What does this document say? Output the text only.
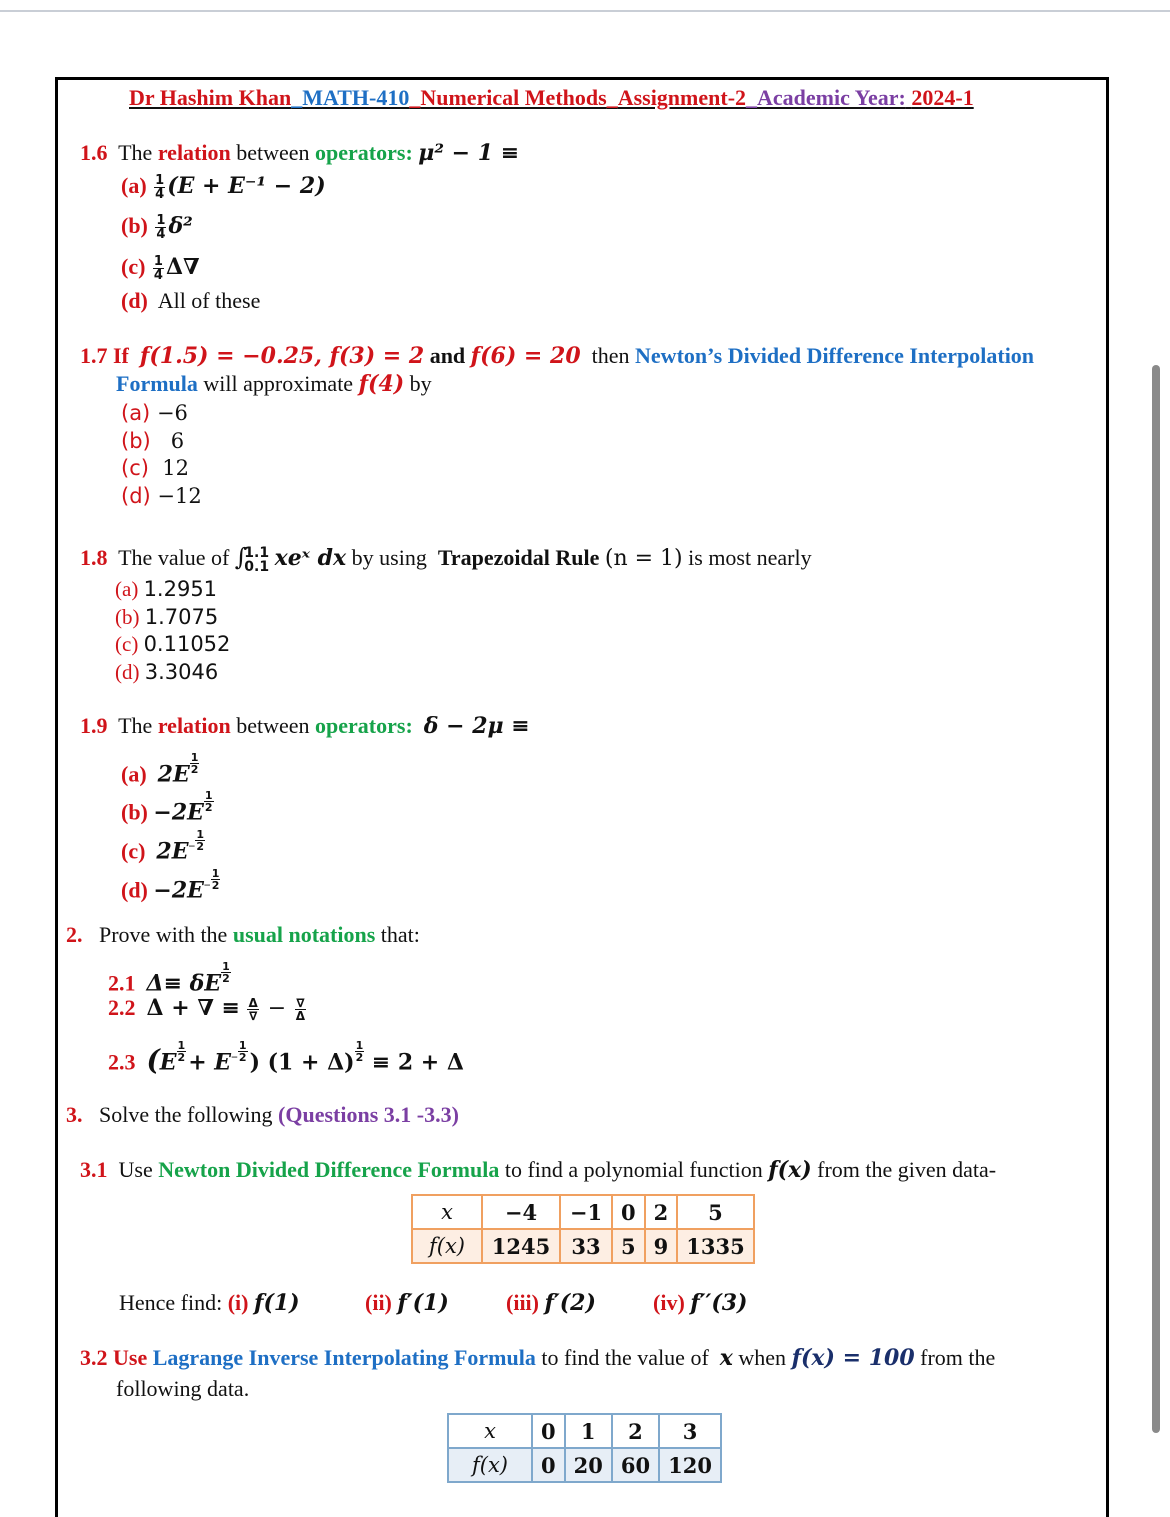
Dr Hashim Khan_MATH-410_Numerical Methods_Assignment-2_Academic Year: 2024-1
1.6 The relation between operators: μ² − 1 ≡
$(a) \frac{1}{4} (E + E^{-1} - 2)$
$(b) \frac{1}{4} \delta^2$
$(c) \frac{1}{4} \Delta\nabla$
(d) All of these
1.7 If f(1.5) = −0.25, f(3) = 2 and f(6) = 20 then Newton’s Divided Difference Interpolation
Formula will approximate f(4) by
(a) −6
(b) 6
(c) 12
(d) −12
1.8 The value of ∫
1.1
0.1 xeˣ dx by using Trapezoidal Rule (n = 1) is most nearly
(a) 1.2951
(b) 1.7075
(c) 0.11052
(d) 3.3046
1.9 The relation between operators: δ − 2μ ≡
(a) $2E \frac{1}{2}$
$(b) -2E \frac{1}{2}$
(c) $2E^- \frac{1}{2}$
$(d) -2E^- \frac{1}{2}$
2. Prove with the usual notations that:
2.1 Δ≡ δE $\frac{1}{2}$
2.2 Δ + ∇ ≡ $\frac{\Delta}{\nabla} - \frac{\nabla}{\Delta}$
2.3 ($E \frac{1}{2} + E^- \frac{1}{2}$ ) $(1 + \Delta) \frac{1}{2} \equiv 2 + \Delta$
3. Solve the following (Questions 3.1 -3.3)
3.1 Use Newton Divided Difference Formula to find a polynomial function f(x) from the given data-
x	−4	−1	0	2	5
f(x)	1245	33	5	9	1335
Hence find: (i) f(1)	(ii) f′(1)	(iii) f′(2)	(iv) f′′(3)
3.2 Use Lagrange Inverse Interpolating Formula to find the value of x when f(x) = 100 from the
following data.
x	0	1	2	3
f(x)	0	20	60	120
